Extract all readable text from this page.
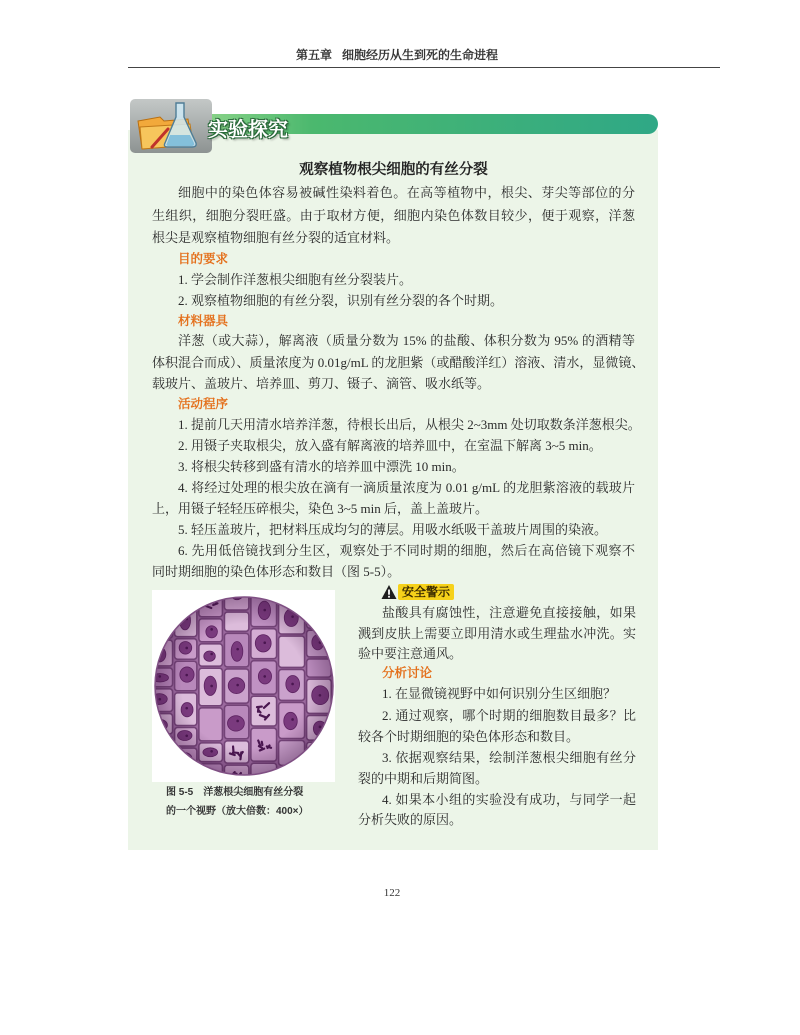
第五章 细胞经历从生到死的生命进程
实验探究
观察植物根尖细胞的有丝分裂
细胞中的染色体容易被碱性染料着色。在高等植物中，根尖、芽尖等部位的分
生组织，细胞分裂旺盛。由于取材方便，细胞内染色体数目较少，便于观察，洋葱
根尖是观察植物细胞有丝分裂的适宜材料。
目的要求
1. 学会制作洋葱根尖细胞有丝分裂装片。
2. 观察植物细胞的有丝分裂，识别有丝分裂的各个时期。
材料器具
洋葱（或大蒜），解离液（质量分数为 15% 的盐酸、体积分数为 95% 的酒精等
体积混合而成）、质量浓度为 0.01g/mL 的龙胆紫（或醋酸洋红）溶液、清水，显微镜、
载玻片、盖玻片、培养皿、剪刀、镊子、滴管、吸水纸等。
活动程序
1. 提前几天用清水培养洋葱，待根长出后，从根尖 2~3mm 处切取数条洋葱根尖。
2. 用镊子夹取根尖，放入盛有解离液的培养皿中，在室温下解离 3~5 min。
3. 将根尖转移到盛有清水的培养皿中漂洗 10 min。
4. 将经过处理的根尖放在滴有一滴质量浓度为 0.01 g/mL 的龙胆紫溶液的载玻片
上，用镊子轻轻压碎根尖，染色 3~5 min 后，盖上盖玻片。
5. 轻压盖玻片，把材料压成均匀的薄层。用吸水纸吸干盖玻片周围的染液。
6. 先用低倍镜找到分生区，观察处于不同时期的细胞，然后在高倍镜下观察不
同时期细胞的染色体形态和数目（图 5-5）。
图 5-5　洋葱根尖细胞有丝分裂
的一个视野（放大倍数：400×）
安全警示
盐酸具有腐蚀性，注意避免直接接触，如果
溅到皮肤上需要立即用清水或生理盐水冲洗。实
验中要注意通风。
分析讨论
1. 在显微镜视野中如何识别分生区细胞？
2. 通过观察，哪个时期的细胞数目最多？比
较各个时期细胞的染色体形态和数目。
3. 依据观察结果，绘制洋葱根尖细胞有丝分
裂的中期和后期简图。
4. 如果本小组的实验没有成功，与同学一起
分析失败的原因。
122
